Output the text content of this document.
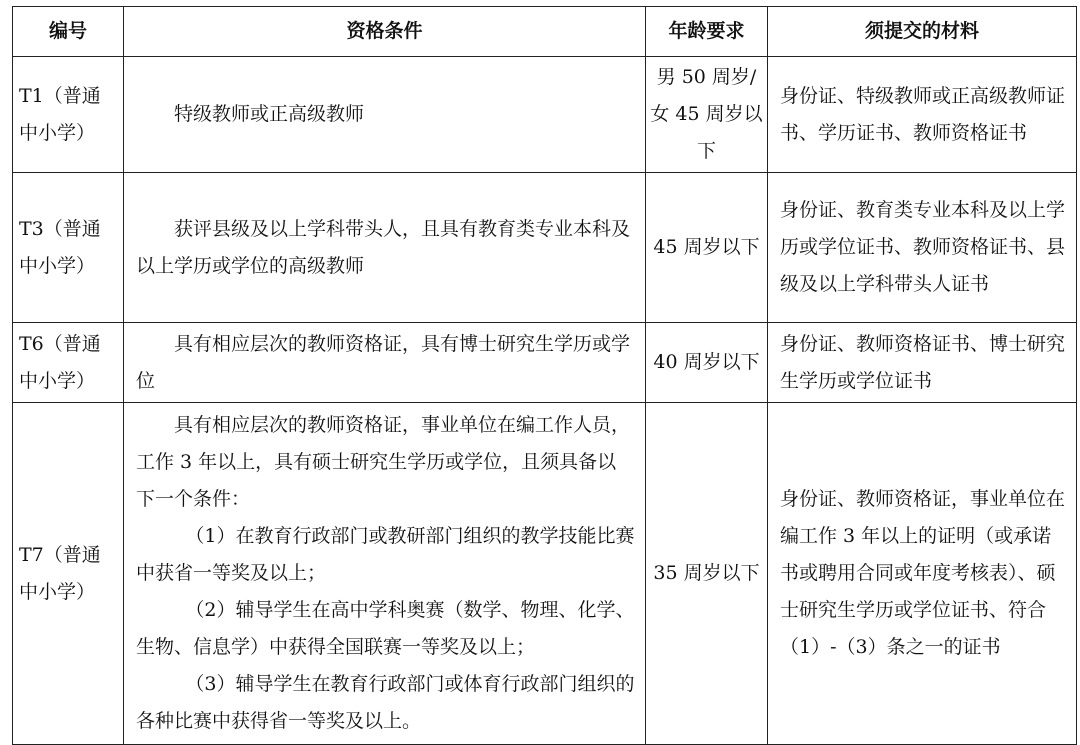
编号	资格条件	年龄要求	须提交的材料
T1（普通中小学）	特级教师或正高级教师	男 50 周岁/女 45 周岁以下	身份证、特级教师或正高级教师证书、学历证书、教师资格证书
T3（普通中小学）	获评县级及以上学科带头人，且具有教育类专业本科及以上学历或学位的高级教师	45 周岁以下	身份证、教育类专业本科及以上学历或学位证书、教师资格证书、县级及以上学科带头人证书
T6（普通中小学）	具有相应层次的教师资格证，具有博士研究生学历或学位	40 周岁以下	身份证、教师资格证书、博士研究生学历或学位证书
T7（普通中小学）	具有相应层次的教师资格证，事业单位在编工作人员，工作 3 年以上，具有硕士研究生学历或学位，且须具备以下一个条件：
（1）在教育行政部门或教研部门组织的教学技能比赛中获省一等奖及以上；
（2）辅导学生在高中学科奥赛（数学、物理、化学、生物、信息学）中获得全国联赛一等奖及以上；
（3）辅导学生在教育行政部门或体育行政部门组织的各种比赛中获得省一等奖及以上。	35 周岁以下	身份证、教师资格证，事业单位在编工作 3 年以上的证明（或承诺书或聘用合同或年度考核表）、硕士研究生学历或学位证书、符合（1）-（3）条之一的证书
